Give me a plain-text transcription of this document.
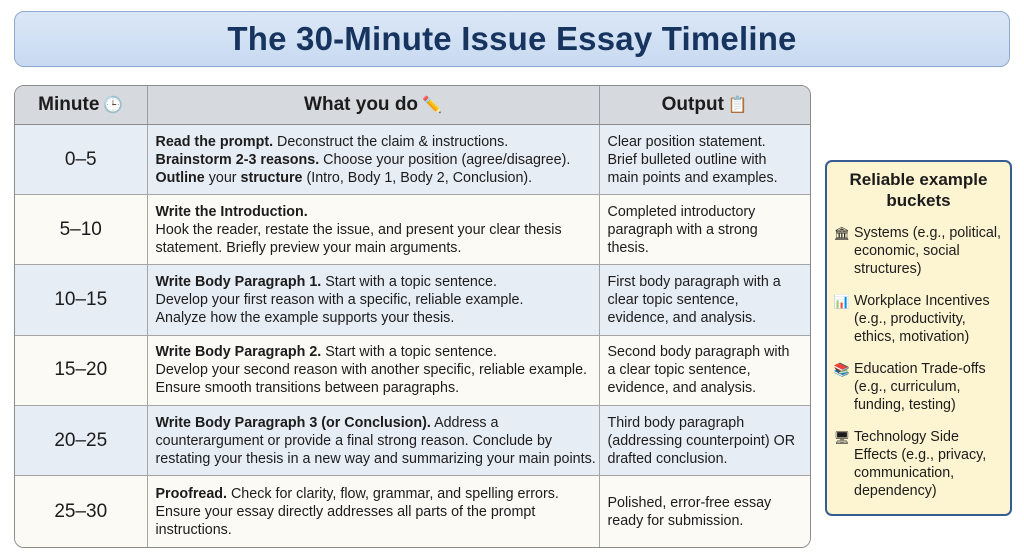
The 30-Minute Issue Essay Timeline
Minute 🕒	What you do ✏️	Output 📋
0–5	Read the prompt. Deconstruct the claim & instructions.
Brainstorm 2-3 reasons. Choose your position (agree/disagree).
Outline your structure (Intro, Body 1, Body 2, Conclusion).	Clear position statement.
Brief bulleted outline with
main points and examples.

5–10	Write the Introduction.
Hook the reader, restate the issue, and present your clear thesis
statement. Briefly preview your main arguments.	Completed introductory
paragraph with a strong
thesis.

10–15	Write Body Paragraph 1. Start with a topic sentence.
Develop your first reason with a specific, reliable example.
Analyze how the example supports your thesis.	First body paragraph with a
clear topic sentence,
evidence, and analysis.

15–20	Write Body Paragraph 2. Start with a topic sentence.
Develop your second reason with another specific, reliable example.
Ensure smooth transitions between paragraphs.	Second body paragraph with
a clear topic sentence,
evidence, and analysis.

20–25	Write Body Paragraph 3 (or Conclusion). Address a
counterargument or provide a final strong reason. Conclude by
restating your thesis in a new way and summarizing your main points.	Third body paragraph
(addressing counterpoint) OR
drafted conclusion.

25–30	Proofread. Check for clarity, flow, grammar, and spelling errors.
Ensure your essay directly addresses all parts of the prompt
instructions.	Polished, error-free essay
ready for submission.
Reliable example
buckets
🏛 Systems (e.g., political,
economic, social
structures)
📊 Workplace Incentives
(e.g., productivity,
ethics, motivation)
📚 Education Trade-offs
(e.g., curriculum,
funding, testing)
🖥 Technology Side
Effects (e.g., privacy,
communication,
dependency)
